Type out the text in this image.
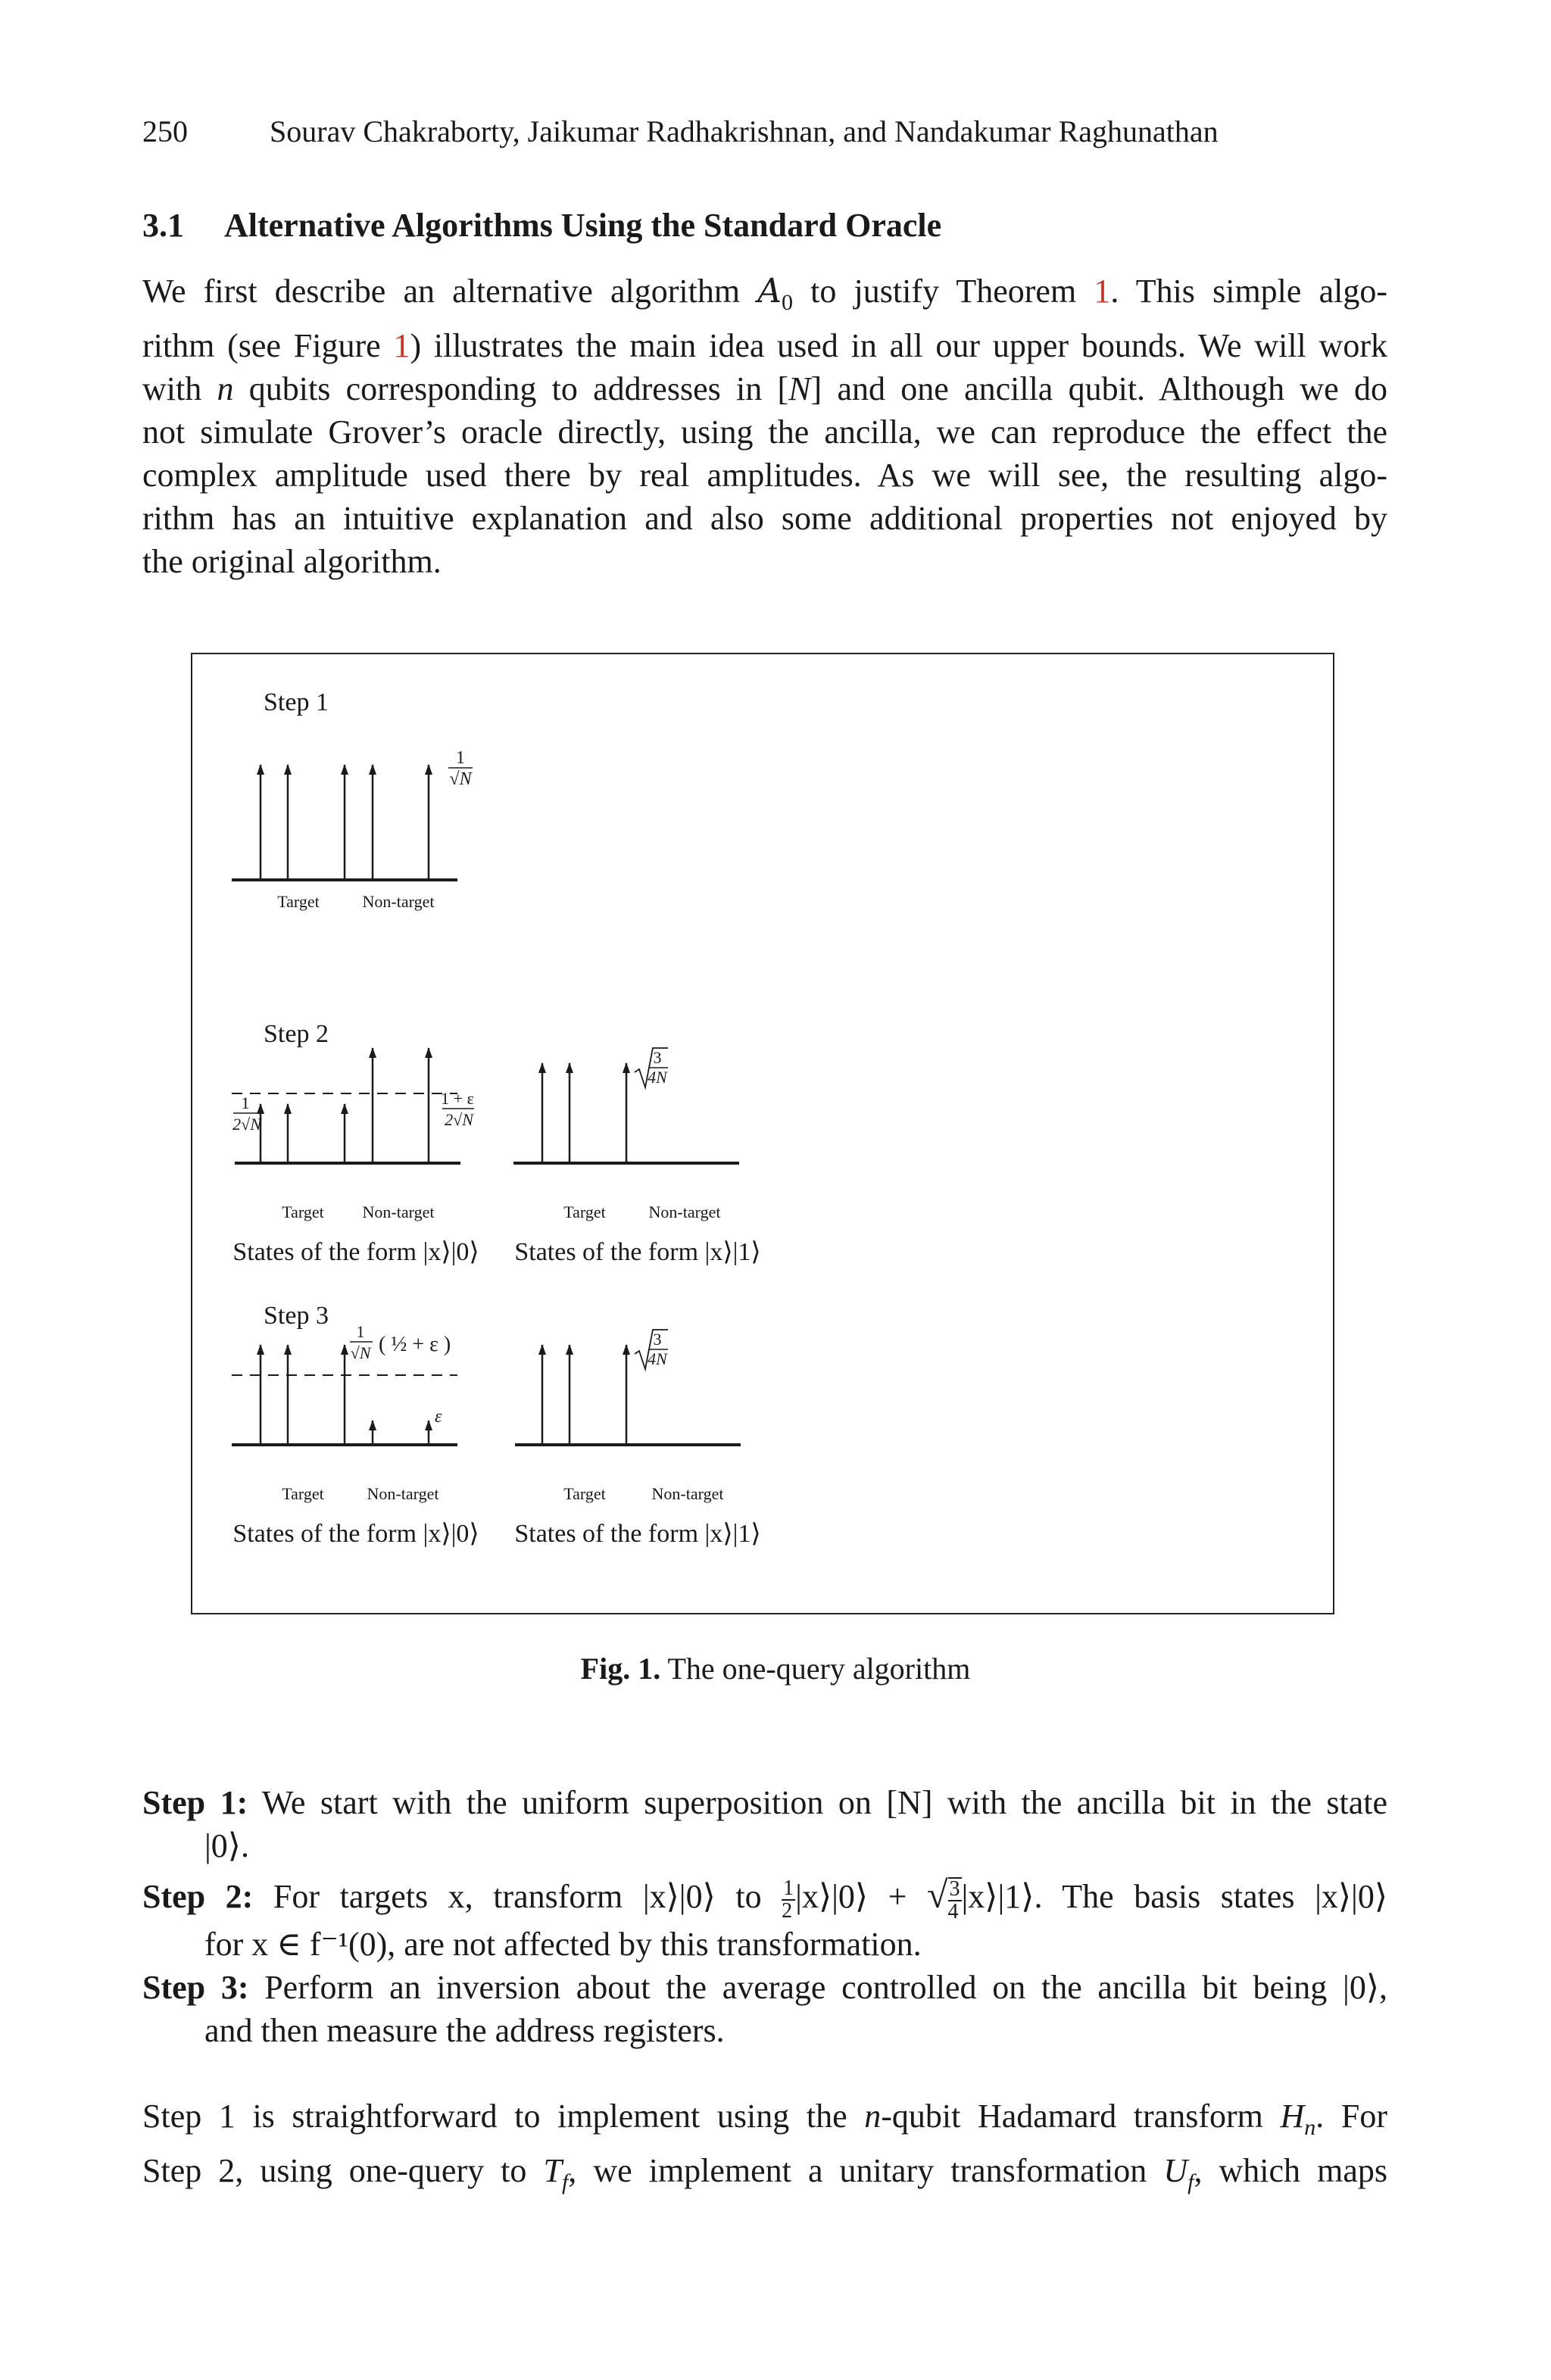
250	Sourav Chakraborty, Jaikumar Radhakrishnan, and Nandakumar Raghunathan
3.1 Alternative Algorithms Using the Standard Oracle
We first describe an alternative algorithm $A_0$ to justify Theorem 1. This simple algo-
rithm (see Figure 1) illustrates the main idea used in all our upper bounds. We will work
with n qubits corresponding to addresses in [N] and one ancilla qubit. Although we do
not simulate Grover’s oracle directly, using the ancilla, we can reproduce the effect the
complex amplitude used there by real amplitudes. As we will see, the resulting algo-
rithm has an intuitive explanation and also some additional properties not enjoyed by
the original algorithm.
Step 1
1
√N
Target	Non-target
Step 2
1
2√N
1 + ε
2√N
Target Non-target
States of the form |x⟩|0⟩
3
4N
Target	Non-target
States of the form |x⟩|1⟩
Step 3
1
√N ( ½ + ε )
ε
Target	Non-target
States of the form |x⟩|0⟩
3
4N
Target	Non-target
States of the form |x⟩|1⟩
Fig. 1. The one-query algorithm
Step 1: We start with the uniform superposition on [N] with the ancilla bit in the state
|0⟩.
Step 2: For targets x, transform |x⟩|0⟩ to $\frac{1}{2}$ |x⟩|0⟩ + √ $\frac{3}{4}$ |x⟩|1⟩. The basis states |x⟩|0⟩
for x ∈ f⁻¹(0), are not affected by this transformation.
Step 3: Perform an inversion about the average controlled on the ancilla bit being |0⟩,
and then measure the address registers.
Step 1 is straightforward to implement using the n-qubit Hadamard transform $H_n$. For
Step 2, using one-query to $T_f$, we implement a unitary transformation $U_f$, which maps
